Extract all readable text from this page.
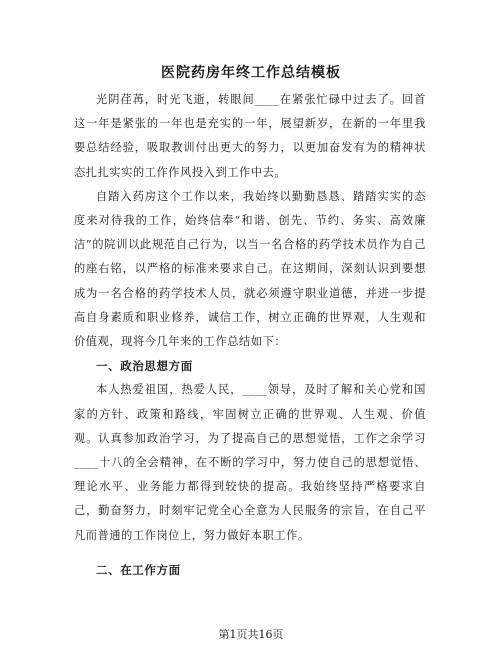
医院药房年终工作总结模板

光阴荏苒，时光飞逝，转眼间____在紧张忙碌中过去了。回首这一年是紧张的一年也是充实的一年，展望新岁，在新的一年里我要总结经验，吸取教训付出更大的努力，以更加奋发有为的精神状态扎扎实实的工作作风投入到工作中去。

自踏入药房这个工作以来，我始终以勤勤恳恳、踏踏实实的态度来对待我的工作，始终信奉“和谐、创先、节约、务实、高效廉洁”的院训以此规范自己行为，以当一名合格的药学技术员作为自己的座右铭，以严格的标准来要求自己。在这期间，深刻认识到要想成为一名合格的药学技术人员，就必须遵守职业道德，并进一步提高自身素质和职业修养，诚信工作，树立正确的世界观，人生观和价值观，现将今几年来的工作总结如下：

一、政治思想方面

本人热爱祖国，热爱人民，____领导，及时了解和关心党和国家的方针、政策和路线，牢固树立正确的世界观、人生观、价值观。认真参加政治学习，为了提高自己的思想觉悟，工作之余学习____十八的全会精神，在不断的学习中，努力使自己的思想觉悟、理论水平、业务能力都得到较快的提高。我始终坚持严格要求自己，勤奋努力，时刻牢记党全心全意为人民服务的宗旨，在自己平凡而普通的工作岗位上，努力做好本职工作。

二、在工作方面

第1页共16页
